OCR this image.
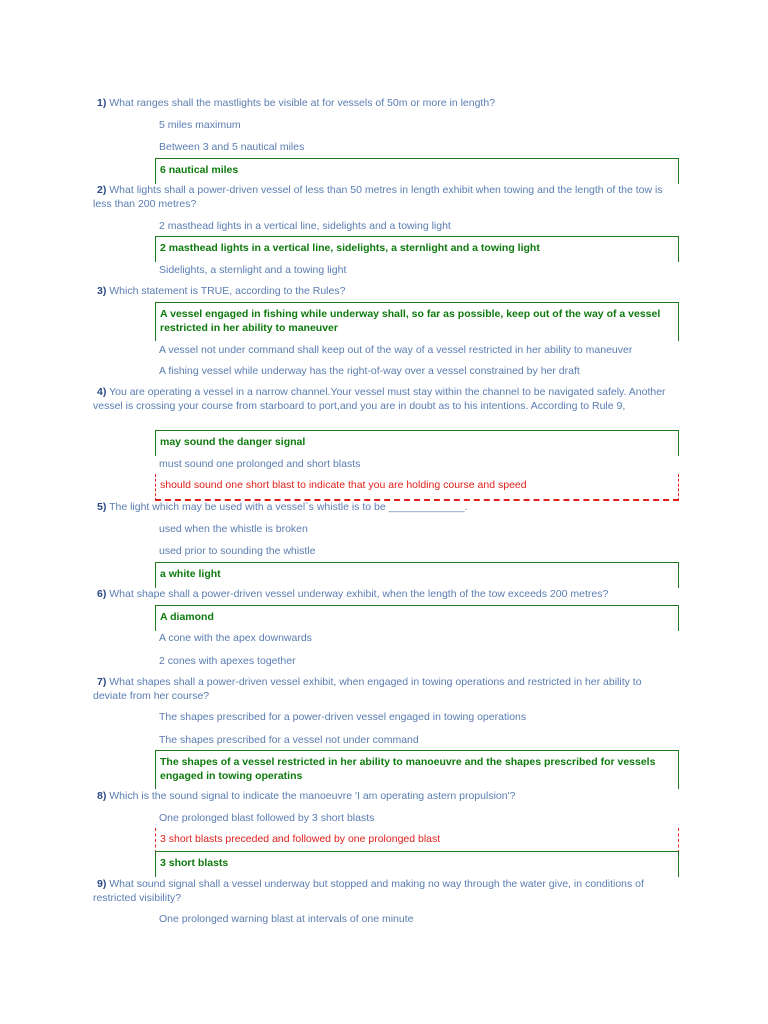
1) What ranges shall the mastlights be visible at for vessels of 50m or more in length?
5 miles maximum
Between 3 and 5 nautical miles
6 nautical miles
2) What lights shall a power-driven vessel of less than 50 metres in length exhibit when towing and the length of the tow is less than 200 metres?
2 masthead lights in a vertical line, sidelights and a towing light
2 masthead lights in a vertical line, sidelights, a sternlight and a towing light
Sidelights, a sternlight and a towing light
3) Which statement is TRUE, according to the Rules?
A vessel engaged in fishing while underway shall, so far as possible, keep out of the way of a vessel restricted in her ability to maneuver
A vessel not under command shall keep out of the way of a vessel restricted in her ability to maneuver
A fishing vessel while underway has the right-of-way over a vessel constrained by her draft
4) You are operating a vessel in a narrow channel.Your vessel must stay within the channel to be navigated safely. Another vessel is crossing your course from starboard to port,and you are in doubt as to his intentions. According to Rule 9,
may sound the danger signal
must sound one prolonged and short blasts
should sound one short blast to indicate that you are holding course and speed
5) The light which may be used with a vessel`s whistle is to be _____________.
used when the whistle is broken
used prior to sounding the whistle
a white light
6) What shape shall a power-driven vessel underway exhibit, when the length of the tow exceeds 200 metres?
A diamond
A cone with the apex downwards
2 cones with apexes together
7) What shapes shall a power-driven vessel exhibit, when engaged in towing operations and restricted in her ability to deviate from her course?
The shapes prescribed for a power-driven vessel engaged in towing operations
The shapes prescribed for a vessel not under command
The shapes of a vessel restricted in her ability to manoeuvre and the shapes prescribed for vessels engaged in towing operatins
8) Which is the sound signal to indicate the manoeuvre 'I am operating astern propulsion'?
One prolonged blast followed by 3 short blasts
3 short blasts preceded and followed by one prolonged blast
3 short blasts
9) What sound signal shall a vessel underway but stopped and making no way through the water give, in conditions of restricted visibility?
One prolonged warning blast at intervals of one minute
